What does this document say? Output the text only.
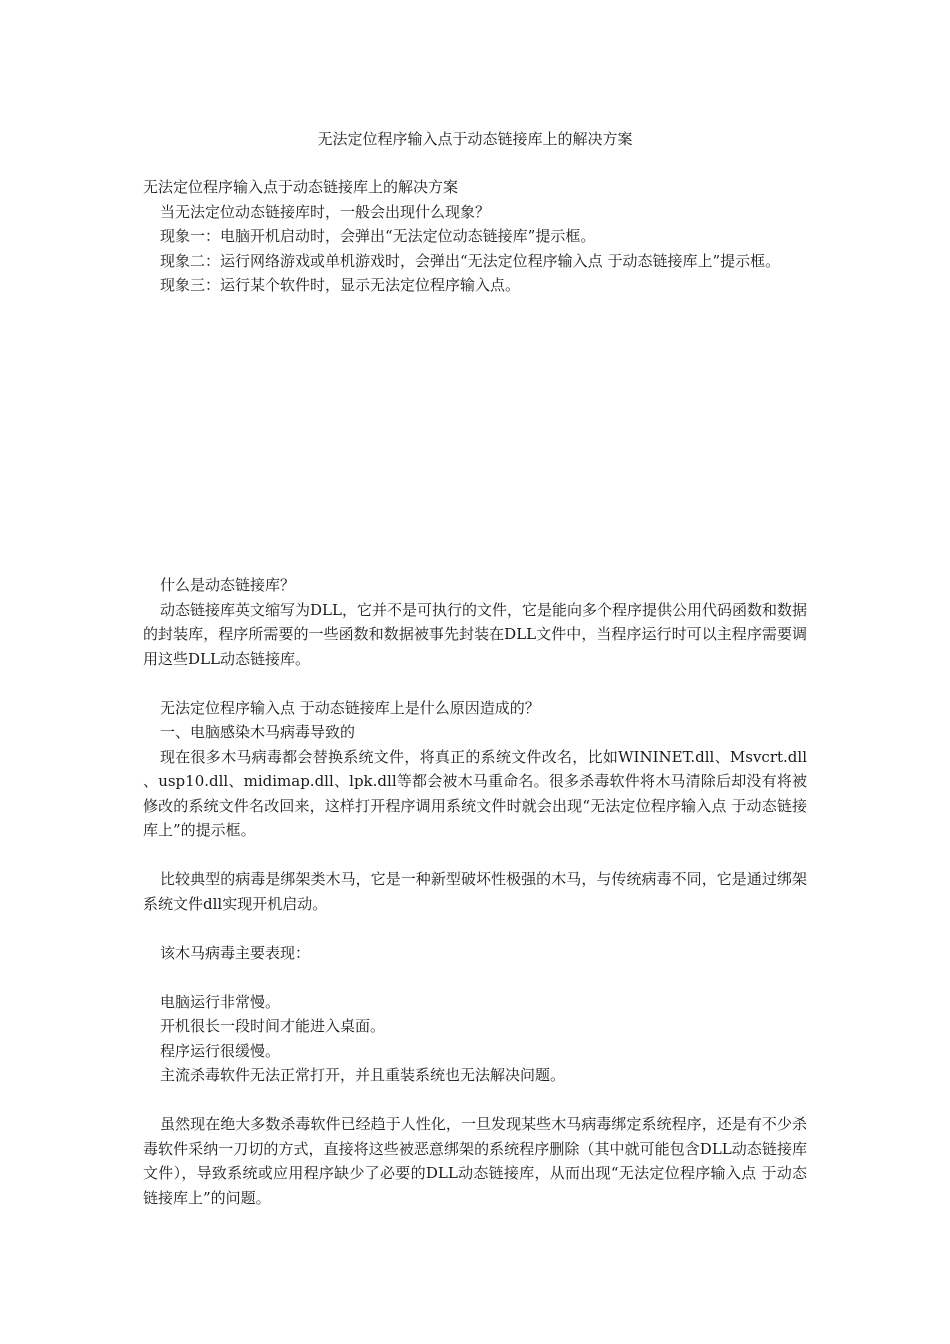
无法定位程序输入点于动态链接库上的解决方案

无法定位程序输入点于动态链接库上的解决方案

当无法定位动态链接库时，一般会出现什么现象？

现象一：电脑开机启动时，会弹出“无法定位动态链接库”提示框。

现象二：运行网络游戏或单机游戏时，会弹出“无法定位程序输入点 于动态链接库上”提示框。

现象三：运行某个软件时，显示无法定位程序输入点。

什么是动态链接库？

动态链接库英文缩写为DLL，它并不是可执行的文件，它是能向多个程序提供公用代码函数和数据的封装库，程序所需要的一些函数和数据被事先封装在DLL文件中，当程序运行时可以主程序需要调用这些DLL动态链接库。

无法定位程序输入点 于动态链接库上是什么原因造成的？

一、电脑感染木马病毒导致的

现在很多木马病毒都会替换系统文件，将真正的系统文件改名，比如WININET.dll、Msvcrt.dll 、usp10.dll、midimap.dll、lpk.dll等都会被木马重命名。很多杀毒软件将木马清除后却没有将被修改的系统文件名改回来，这样打开程序调用系统文件时就会出现“无法定位程序输入点 于动态链接库上”的提示框。

比较典型的病毒是绑架类木马，它是一种新型破坏性极强的木马，与传统病毒不同，它是通过绑架系统文件dll实现开机启动。

该木马病毒主要表现：

电脑运行非常慢。

开机很长一段时间才能进入桌面。

程序运行很缓慢。

主流杀毒软件无法正常打开，并且重装系统也无法解决问题。

虽然现在绝大多数杀毒软件已经趋于人性化，一旦发现某些木马病毒绑定系统程序，还是有不少杀毒软件采纳一刀切的方式，直接将这些被恶意绑架的系统程序删除（其中就可能包含DLL动态链接库文件），导致系统或应用程序缺少了必要的DLL动态链接库，从而出现“无法定位程序输入点 于动态链接库上”的问题。
